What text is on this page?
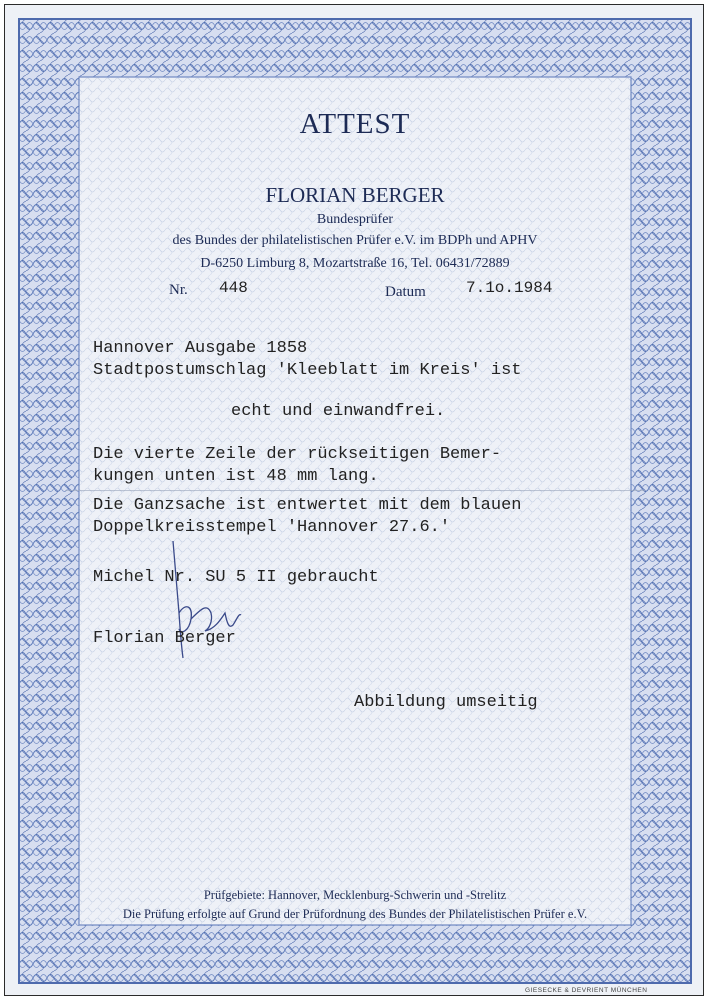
ATTEST
FLORIAN BERGER
Bundesprüfer
des Bundes der philatelistischen Prüfer e.V. im BDPh und APHV
D-6250 Limburg 8, Mozartstraße 16, Tel. 06431/72889
Nr. 448	Datum	7.1o.1984
Hannover Ausgabe 1858
Stadtpostumschlag 'Kleeblatt im Kreis' ist
echt und einwandfrei.
Die vierte Zeile der rückseitigen Bemer-
kungen unten ist 48 mm lang.
Die Ganzsache ist entwertet mit dem blauen
Doppelkreisstempel 'Hannover 27.6.'
Michel Nr. SU 5 II gebraucht
Florian Berger
Abbildung umseitig
Prüfgebiete: Hannover, Mecklenburg-Schwerin und -Strelitz
Die Prüfung erfolgte auf Grund der Prüfordnung des Bundes der Philatelistischen Prüfer e.V.
GIESECKE & DEVRIENT MÜNCHEN
